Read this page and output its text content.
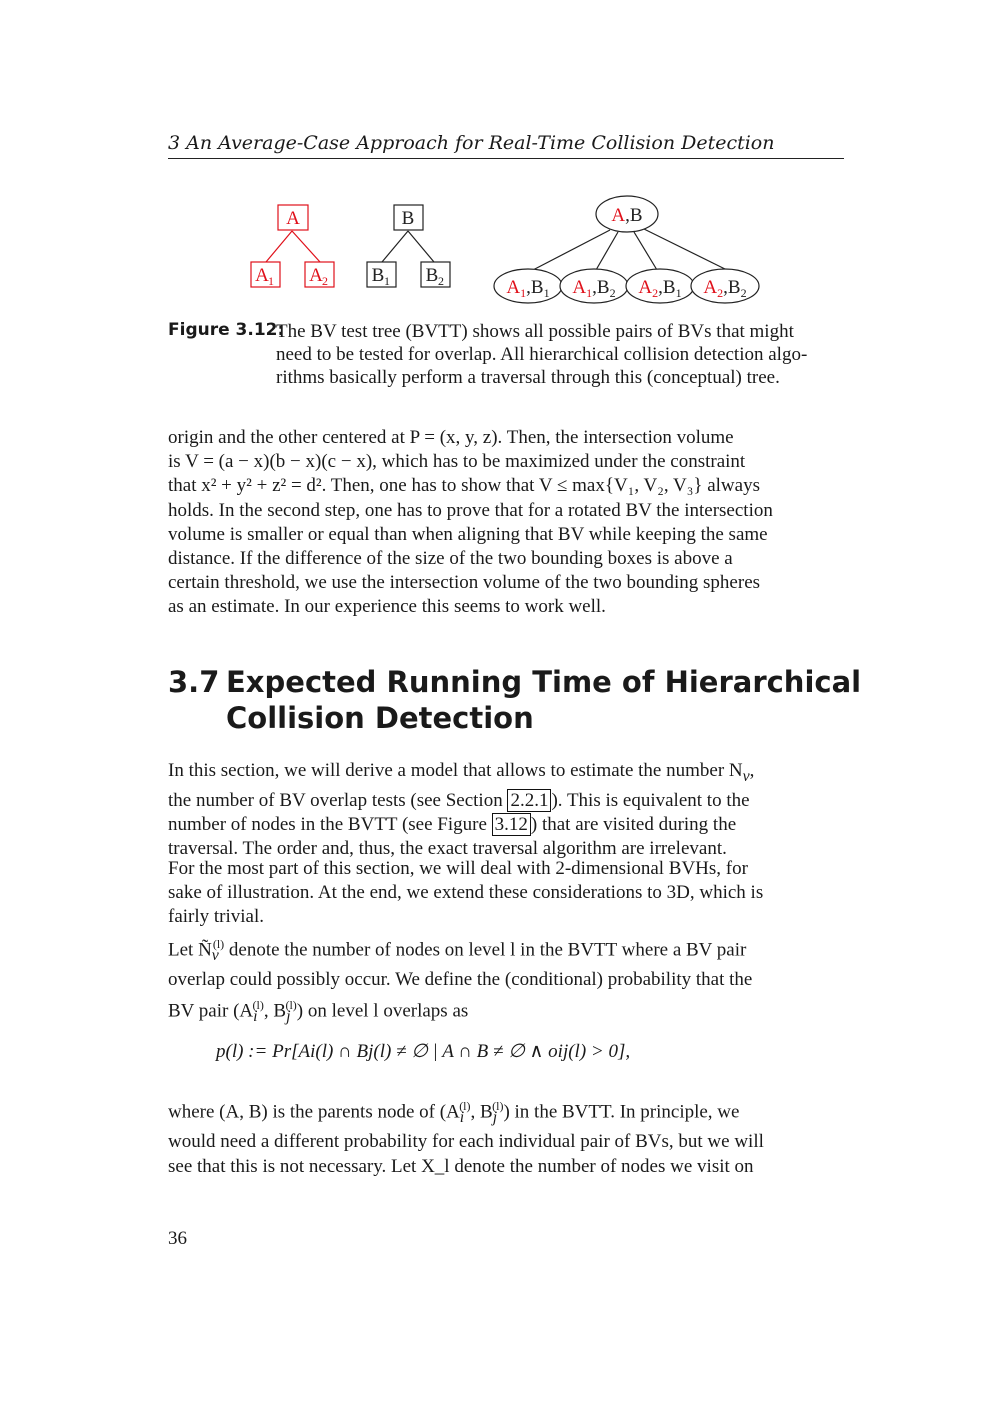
3 An Average-Case Approach for Real-Time Collision Detection
A
A 1 A 2
B
B 1 B 2
A,B
$A_1,B_1$ $A_1,B_2$ $A_2,B_1$ $A_2,B_2$
Figure 3.12:
The BV test tree (BVTT) shows all possible pairs of BVs that might
need to be tested for overlap. All hierarchical collision detection algo-
rithms basically perform a traversal through this (conceptual) tree.
origin and the other centered at P = (x, y, z). Then, the intersection volume
is V = (a − x)(b − x)(c − x), which has to be maximized under the constraint
that x² + y² + z² = d². Then, one has to show that V ≤ max{V₁, V₂, V₃} always
holds. In the second step, one has to prove that for a rotated BV the intersection
volume is smaller or equal than when aligning that BV while keeping the same
distance. If the difference of the size of the two bounding boxes is above a
certain threshold, we use the intersection volume of the two bounding spheres
as an estimate. In our experience this seems to work well.
3.7 Expected Running Time of Hierarchical
Collision Detection
In this section, we will derive a model that allows to estimate the number $N_v$,
the number of BV overlap tests (see Section 2.2.1 ). This is equivalent to the
number of nodes in the BVTT (see Figure 3.12 ) that are visited during the
traversal. The order and, thus, the exact traversal algorithm are irrelevant.
For the most part of this section, we will deal with 2-dimensional BVHs, for
sake of illustration. At the end, we extend these considerations to 3D, which is
fairly trivial.
Let $Ñ_v^{(l)}$ denote the number of nodes on level l in the BVTT where a BV pair
overlap could possibly occur. We define the (conditional) probability that the
BV pair ($A_i^{(l)}$, $B_j^{(l)}$) on level l overlaps as
p(l) := Pr[Ai(l) ∩ Bj(l) ≠ ∅ | A ∩ B ≠ ∅ ∧ oij(l) > 0],
where (A, B) is the parents node of ($A_i^{(l)}$, $B_j^{(l)}$) in the BVTT. In principle, we
would need a different probability for each individual pair of BVs, but we will
see that this is not necessary. Let X_l denote the number of nodes we visit on
36
